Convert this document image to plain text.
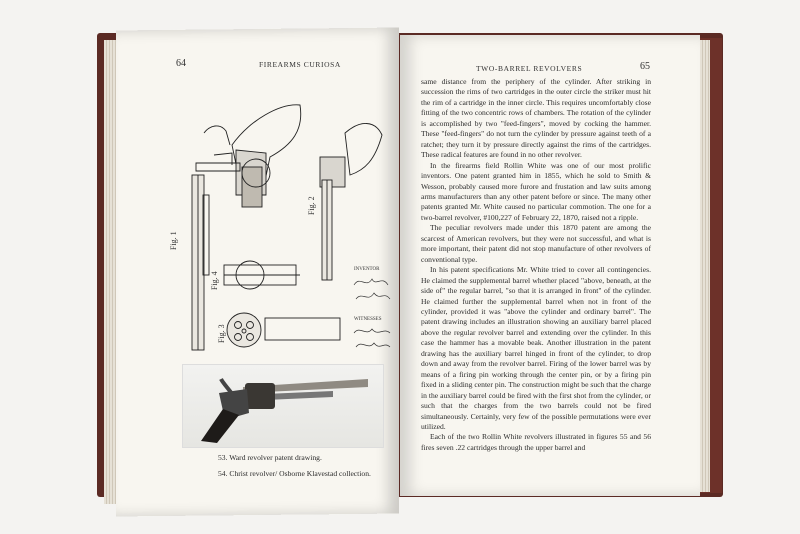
64	FIREARMS CURIOSA
Fig. 1
Fig. 2
Fig. 3
Fig. 4
INVENTOR
WITNESSES
53. Ward revolver patent drawing.
54. Christ revolver/ Osborne Klavestad collection.
TWO-BARREL REVOLVERS	65

same distance from the periphery of the cylinder. After striking in succession the rims of two cartridges in the outer circle the striker must hit the rim of a cartridge in the inner circle. This requires uncomfortably close fitting of the two concentric rows of chambers. The rotation of the cylinder is accomplished by two "feed-fingers", moved by cocking the hammer. These "feed-fingers" do not turn the cylinder by pressure against teeth of a ratchet; they turn it by pressure directly against the rims of the cartridges. These radical features are found in no other revolver.

In the firearms field Rollin White was one of our most prolific inventors. One patent granted him in 1855, which he sold to Smith & Wesson, probably caused more furore and frustation and law suits among arms manufacturers than any other patent before or since. The many other patents granted Mr. White caused no particular commotion. The one for a two-barrel revolver, #100,227 of February 22, 1870, raised not a ripple.

The peculiar revolvers made under this 1870 patent are among the scarcest of American revolvers, but they were not successful, and what is more important, their patent did not stop manufacture of other revolvers of conventional type.

In his patent specifications Mr. White tried to cover all contingencies. He claimed the supplemental barrel whether placed "above, beneath, at the side of" the regular barrel, "so that it is arranged in front" of the cylinder. He claimed further the supplemental barrel when not in front of the cylinder, provided it was "above the cylinder and ordinary barrel". The patent drawing includes an illustration showing an auxiliary barrel placed above the regular revolver barrel and extending over the cylinder. In this case the hammer has a movable beak. Another illustration in the patent drawing has the auxiliary barrel hinged in front of the cylinder, to drop down and away from the revolver barrel. Firing of the lower barrel was by means of a firing pin working through the center pin, or by a firing pin fixed in a sliding center pin. The construction might be such that the charge in the auxiliary barrel could be fired with the first shot from the cylinder, or such that the charges from the two barrels could not be fired simultaneously. Certainly, very few of the possible permutations were ever utilized.

Each of the two Rollin White revolvers illustrated in figures 55 and 56 fires seven .22 cartridges through the upper barrel and
